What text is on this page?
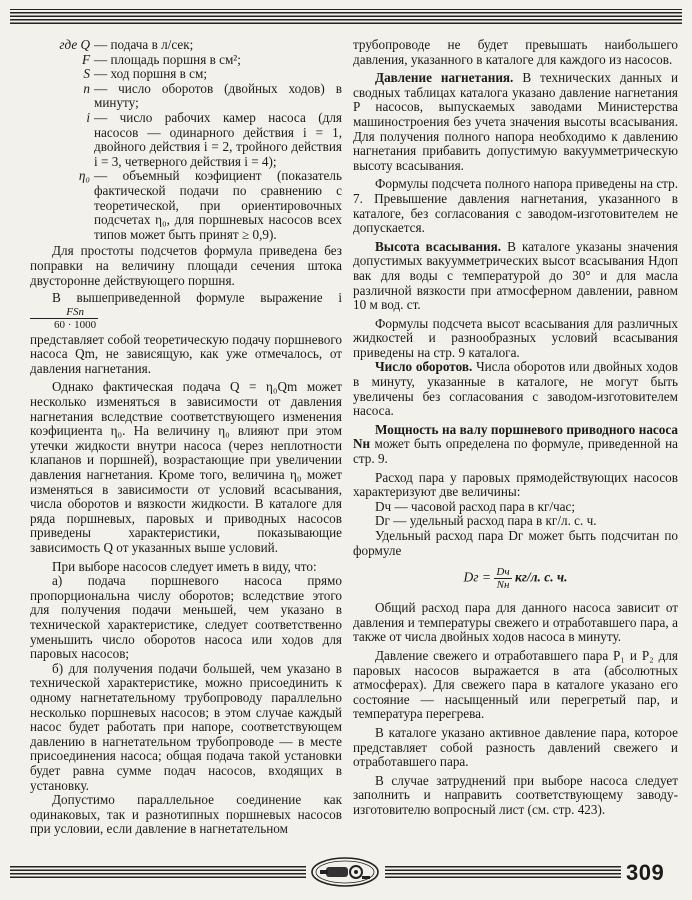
где Q — подача в л/сек;
F — площадь поршня в см²;
S — ход поршня в см;
n — число оборотов (двойных ходов) в минуту;
i — число рабочих камер насоса (для насосов — одинарного действия i = 1, двойного действия i = 2, тройного действия i = 3, четверного действия i = 4);
η₀ — объемный коэфициент (показатель фактической подачи по сравнению с теоретической, при ориентировочных подсчетах η₀, для поршневых насосов всех типов может быть принят ≥ 0,9).

Для простоты подсчетов формула приведена без поправки на величину площади сечения штока двусторонне действующего поршня.

В вышеприведенной формуле выражение i
$\frac{\text{FSn}}{60 \cdot 1000}$

представляет собой теоретическую подачу поршневого насоса Qm, не зависящую, как уже отмечалось, от давления нагнетания.

Однако фактическая подача Q = η₀Qm может несколько изменяться в зависимости от давления нагнетания вследствие соответствующего изменения коэфициента η₀. На величину η₀ влияют при этом утечки жидкости внутри насоса (через неплотности клапанов и поршней), возрастающие при увеличении давления нагнетания. Кроме того, величина η₀ может изменяться в зависимости от условий всасывания, числа оборотов и вязкости жидкости. В каталоге для ряда поршневых, паровых и приводных насосов приведены характеристики, показывающие зависимость Q от указанных выше условий.

При выборе насосов следует иметь в виду, что:

а) подача поршневого насоса прямо пропорциональна числу оборотов; вследствие этого для получения подачи меньшей, чем указано в технической характеристике, следует соответственно уменьшить число оборотов насоса или ходов для паровых насосов;

б) для получения подачи большей, чем указано в технической характеристике, можно присоединить к одному нагнетательному трубопроводу параллельно несколько поршневых насосов; в этом случае каждый насос будет работать при напоре, соответствующем давлению в нагнетательном трубопроводе — в месте присоединения насоса; общая подача такой установки будет равна сумме подач насосов, входящих в установку.

Допустимо параллельное соединение как одинаковых, так и разнотипных поршневых насосов при условии, если давление в нагнетательном

трубопроводе не будет превышать наибольшего давления, указанного в каталоге для каждого из насосов.

Давление нагнетания. В технических данных и сводных таблицах каталога указано давление нагнетания P насосов, выпускаемых заводами Министерства машиностроения без учета значения высоты всасывания. Для получения полного напора необходимо к давлению нагнетания прибавить допустимую вакуумметрическую высоту всасывания.

Формулы подсчета полного напора приведены на стр. 7. Превышение давления нагнетания, указанного в каталоге, без согласования с заводом-изготовителем не допускается.

Высота всасывания. В каталоге указаны значения допустимых вакуумметрических высот всасывания Hдоп вак для воды с температурой до 30° и для масла различной вязкости при атмосферном давлении, равном 10 м вод. ст.

Формулы подсчета высот всасывания для различных жидкостей и разнообразных условий всасывания приведены на стр. 9 каталога.

Число оборотов. Числа оборотов или двойных ходов в минуту, указанные в каталоге, не могут быть увеличены без согласования с заводом-изготовителем насоса.

Мощность на валу поршневого приводного насоса Nн может быть определена по формуле, приведенной на стр. 9.

Расход пара у паровых прямодействующих насосов характеризуют две величины:

Dч — часовой расход пара в кг/час;

Dг — удельный расход пара в кг/л. с. ч.

Удельный расход пара Dг может быть подсчитан по формуле

Dг = $\frac{Dч}{Nн} кг/л$. с. ч.

Общий расход пара для данного насоса зависит от давления и температуры свежего и отработавшего пара, а также от числа двойных ходов насоса в минуту.

Давление свежего и отработавшего пара P₁ и P₂ для паровых насосов выражается в ата (абсолютных атмосферах). Для свежего пара в каталоге указано его состояние — насыщенный или перегретый пар, и температура перегрева.

В каталоге указано активное давление пара, которое представляет собой разность давлений свежего и отработавшего пара.

В случае затруднений при выборе насоса следует заполнить и направить соответствующему заводу-изготовителю вопросный лист (см. стр. 423).

309
